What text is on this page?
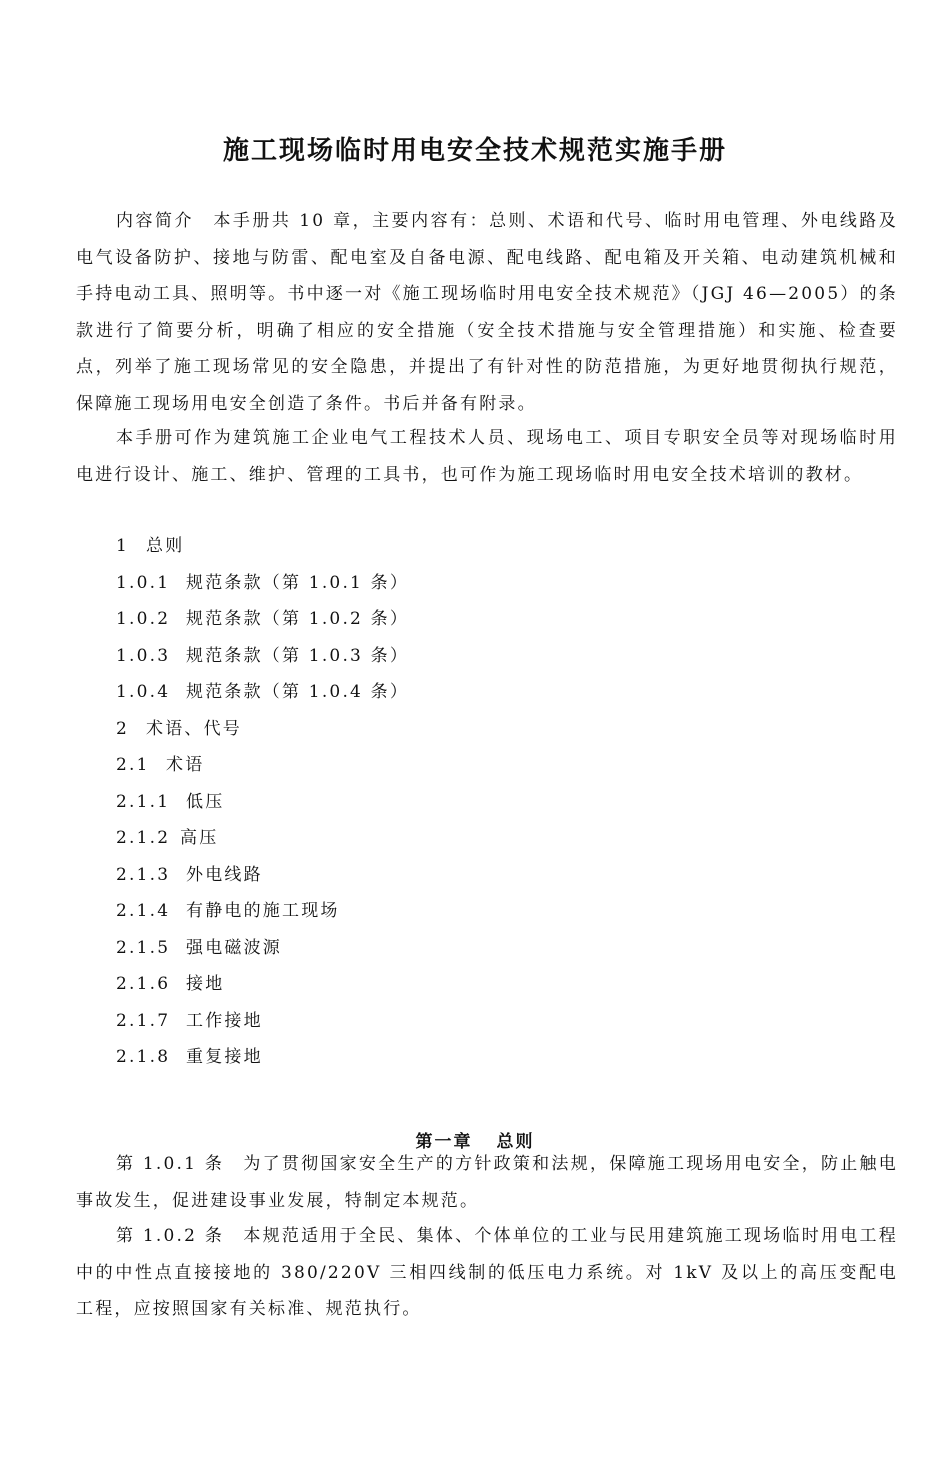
施工现场临时用电安全技术规范实施手册

内容简介　本手册共 10 章，主要内容有：总则、术语和代号、临时用电管理、外电线路及电气设备防护、接地与防雷、配电室及自备电源、配电线路、配电箱及开关箱、电动建筑机械和手持电动工具、照明等。书中逐一对《施工现场临时用电安全技术规范》（JGJ 46—2005）的条款进行了简要分析，明确了相应的安全措施（安全技术措施与安全管理措施）和实施、检查要点，列举了施工现场常见的安全隐患，并提出了有针对性的防范措施，为更好地贯彻执行规范，保障施工现场用电安全创造了条件。书后并备有附录。

本手册可作为建筑施工企业电气工程技术人员、现场电工、项目专职安全员等对现场临时用电进行设计、施工、维护、管理的工具书，也可作为施工现场临时用电安全技术培训的教材。

1 总则
1.0.1 规范条款（第 1.0.1 条）
1.0.2 规范条款（第 1.0.2 条）
1.0.3 规范条款（第 1.0.3 条）
1.0.4 规范条款（第 1.0.4 条）
2 术语、代号
2.1 术语
2.1.1 低压
2.1.2 高压
2.1.3 外电线路
2.1.4 有静电的施工现场
2.1.5 强电磁波源
2.1.6 接地
2.1.7 工作接地
2.1.8 重复接地
第一章 总则

第 1.0.1 条　为了贯彻国家安全生产的方针政策和法规，保障施工现场用电安全，防止触电事故发生，促进建设事业发展，特制定本规范。

第 1.0.2 条　本规范适用于全民、集体、个体单位的工业与民用建筑施工现场临时用电工程中的中性点直接接地的 380/220V 三相四线制的低压电力系统。对 1kV 及以上的高压变配电工程，应按照国家有关标准、规范执行。
